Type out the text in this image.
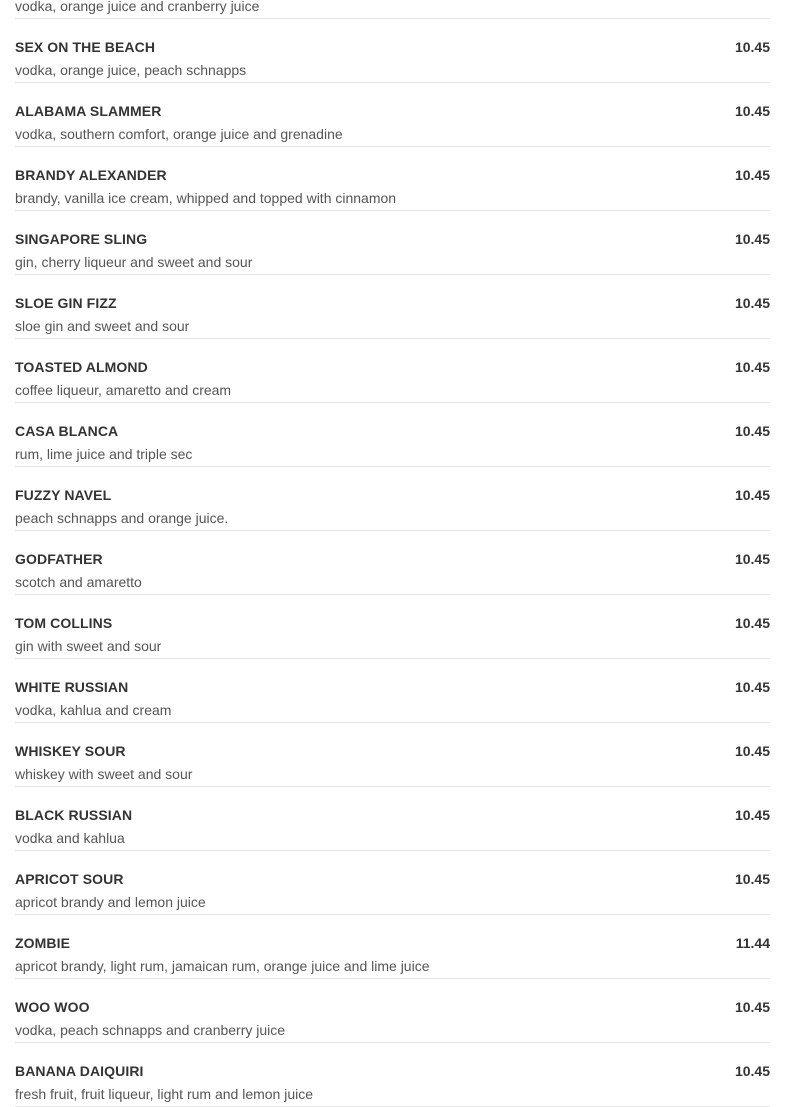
vodka, orange juice and cranberry juice
SEX ON THE BEACH	10.45
vodka, orange juice, peach schnapps
ALABAMA SLAMMER	10.45
vodka, southern comfort, orange juice and grenadine
BRANDY ALEXANDER	10.45
brandy, vanilla ice cream, whipped and topped with cinnamon
SINGAPORE SLING	10.45
gin, cherry liqueur and sweet and sour
SLOE GIN FIZZ	10.45
sloe gin and sweet and sour
TOASTED ALMOND	10.45
coffee liqueur, amaretto and cream
CASA BLANCA	10.45
rum, lime juice and triple sec
FUZZY NAVEL	10.45
peach schnapps and orange juice.
GODFATHER	10.45
scotch and amaretto
TOM COLLINS	10.45
gin with sweet and sour
WHITE RUSSIAN	10.45
vodka, kahlua and cream
WHISKEY SOUR	10.45
whiskey with sweet and sour
BLACK RUSSIAN	10.45
vodka and kahlua
APRICOT SOUR	10.45
apricot brandy and lemon juice
ZOMBIE	11.44
apricot brandy, light rum, jamaican rum, orange juice and lime juice
WOO WOO	10.45
vodka, peach schnapps and cranberry juice
BANANA DAIQUIRI	10.45
fresh fruit, fruit liqueur, light rum and lemon juice
